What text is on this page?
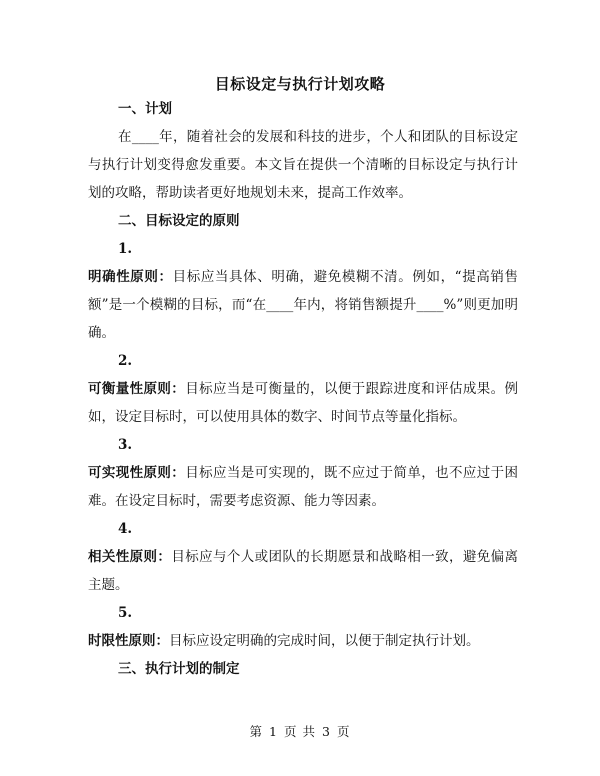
目标设定与执行计划攻略
一、计划
在____年，随着社会的发展和科技的进步，个人和团队的目标设定与执行计划变得愈发重要。本文旨在提供一个清晰的目标设定与执行计划的攻略，帮助读者更好地规划未来，提高工作效率。
二、目标设定的原则
1.
明确性原则：目标应当具体、明确，避免模糊不清。例如，“提高销售额”是一个模糊的目标，而“在____年内，将销售额提升____%”则更加明确。
2.
可衡量性原则：目标应当是可衡量的，以便于跟踪进度和评估成果。例如，设定目标时，可以使用具体的数字、时间节点等量化指标。
3.
可实现性原则：目标应当是可实现的，既不应过于简单，也不应过于困难。在设定目标时，需要考虑资源、能力等因素。
4.
相关性原则：目标应与个人或团队的长期愿景和战略相一致，避免偏离主题。
5.
时限性原则：目标应设定明确的完成时间，以便于制定执行计划。
三、执行计划的制定
第 1 页 共 3 页
